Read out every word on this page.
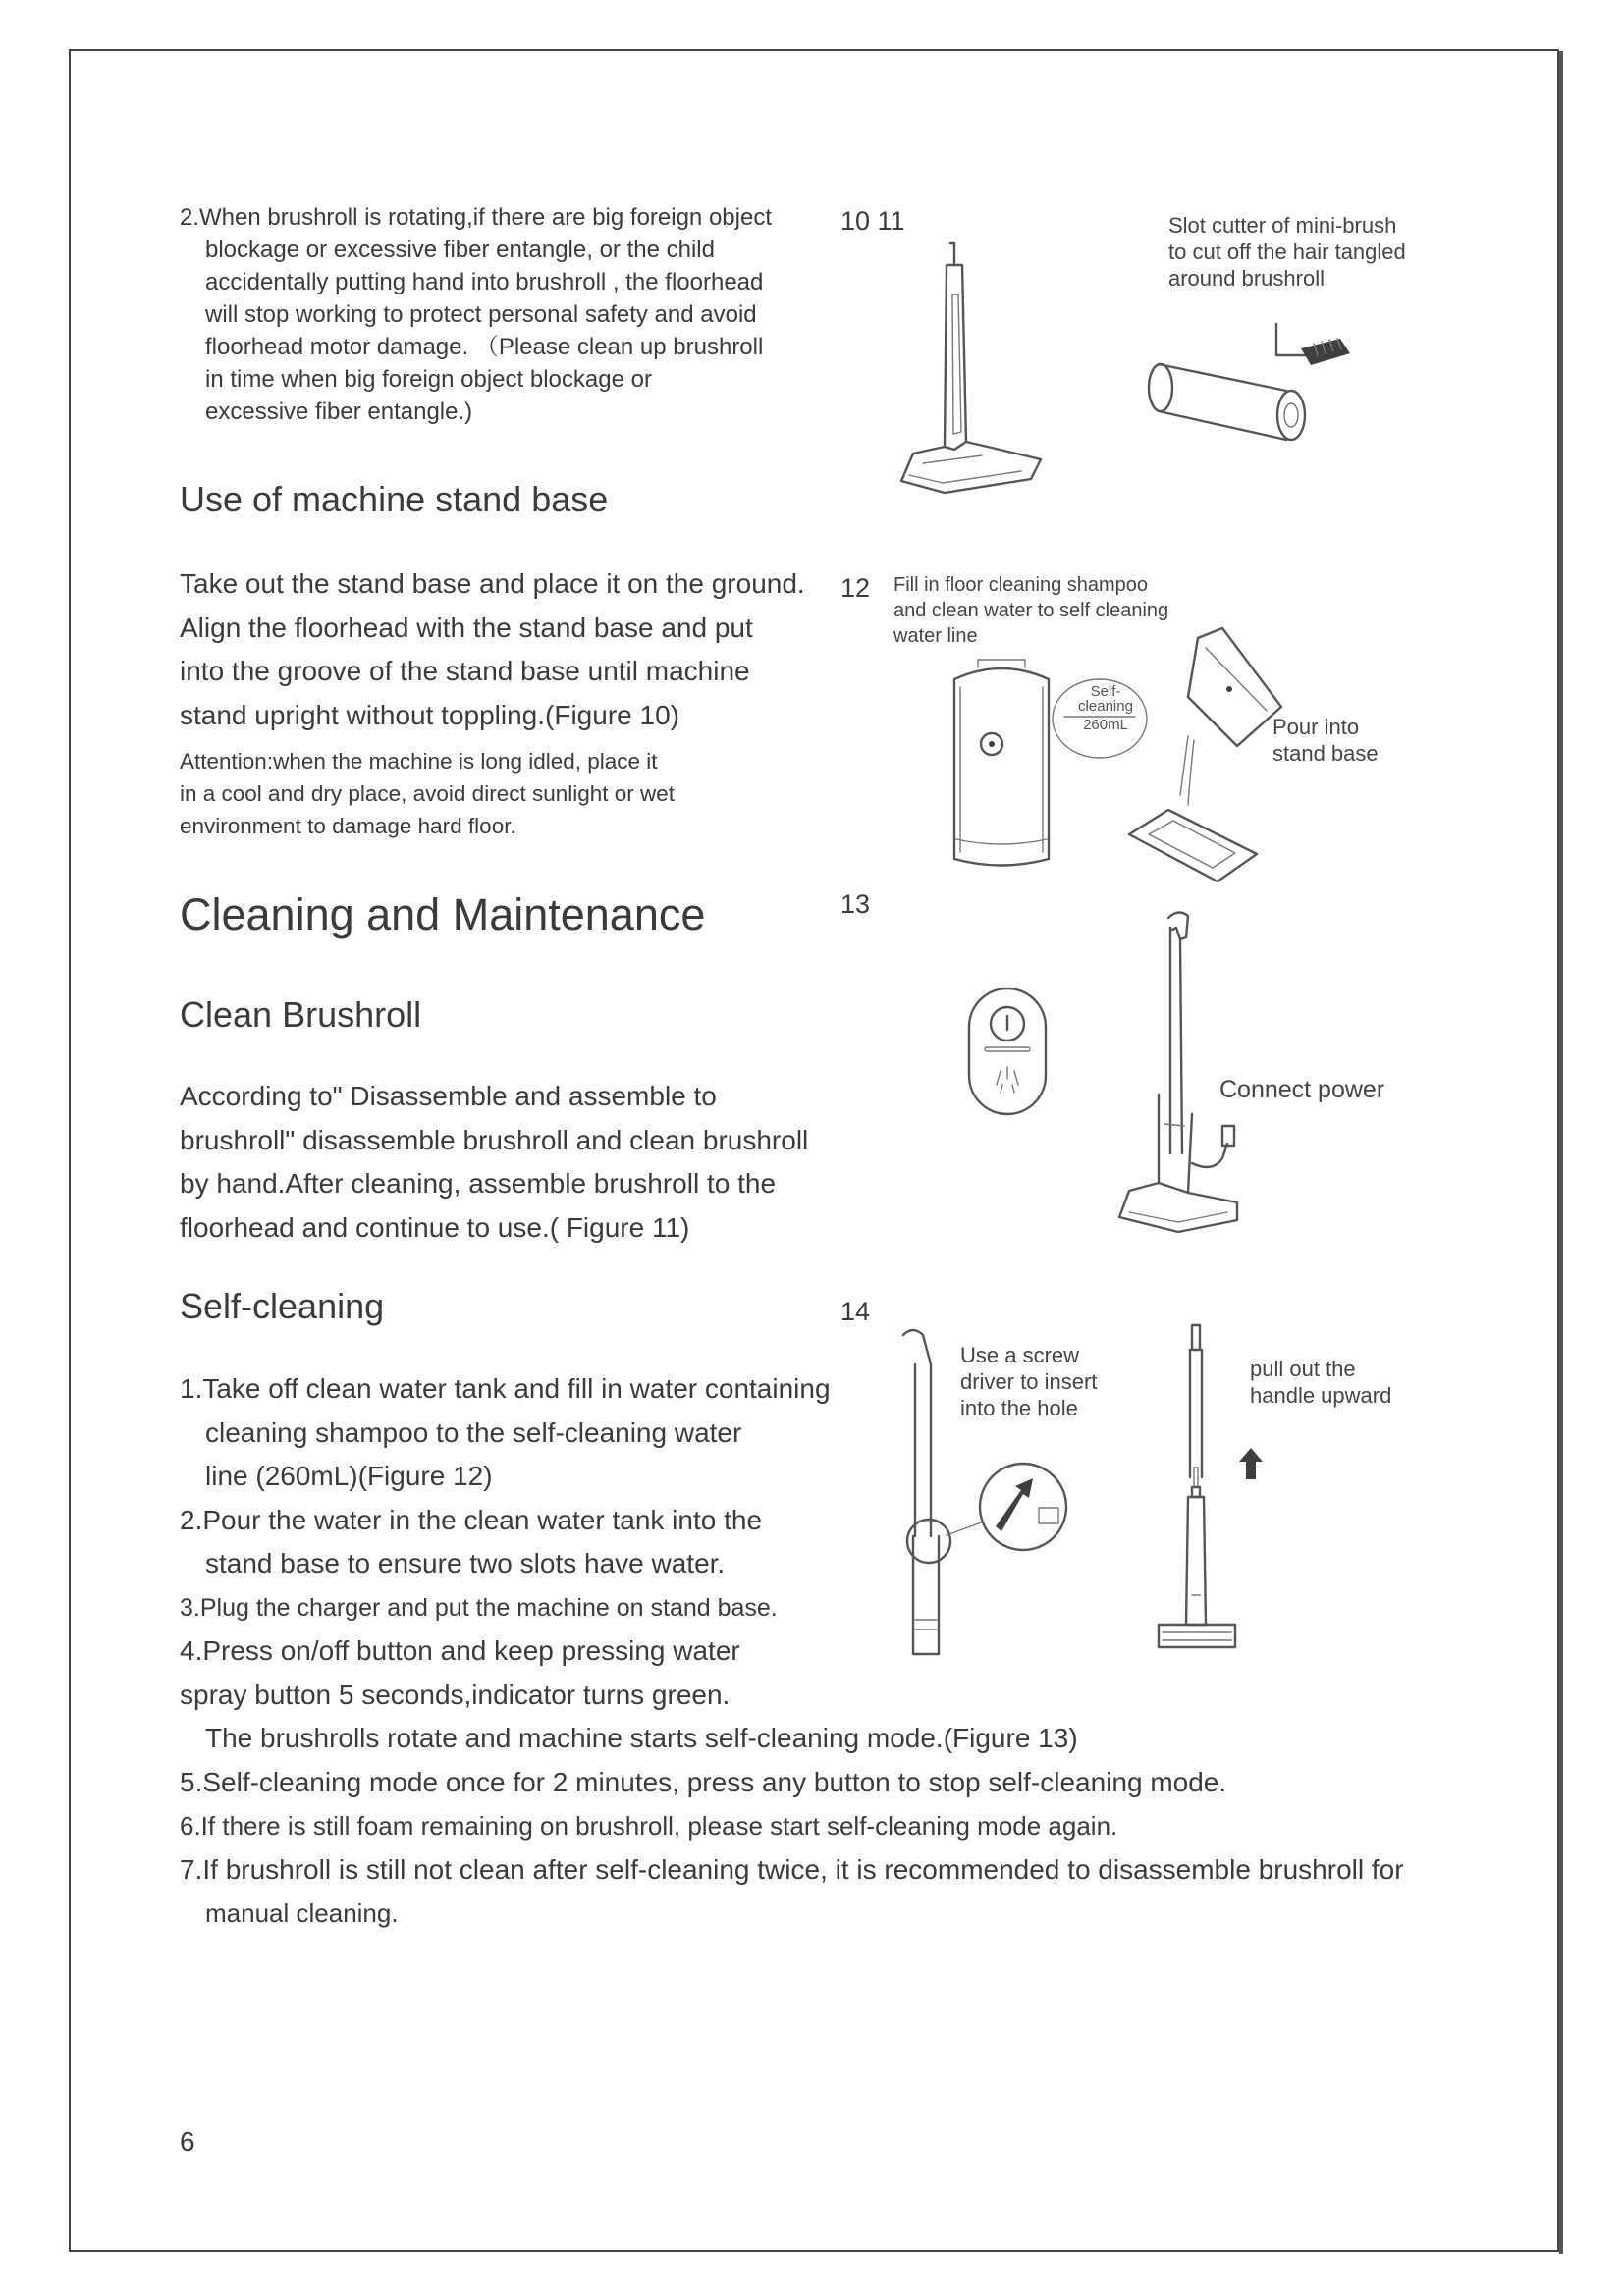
2.When brushroll is rotating,if there are big foreign object
blockage or excessive fiber entangle, or the child
accidentally putting hand into brushroll , the floorhead
will stop working to protect personal safety and avoid
floorhead motor damage. （Please clean up brushroll
in time when big foreign object blockage or
excessive fiber entangle.)
Use of machine stand base
Take out the stand base and place it on the ground.
Align the floorhead with the stand base and put
into the groove of the stand base until machine
stand upright without toppling.(Figure 10)
Attention:when the machine is long idled, place it
in a cool and dry place, avoid direct sunlight or wet
environment to damage hard floor.
Cleaning and Maintenance
Clean Brushroll
According to" Disassemble and assemble to
brushroll" disassemble brushroll and clean brushroll
by hand.After cleaning, assemble brushroll to the
floorhead and continue to use.( Figure 11)
Self-cleaning
1.Take off clean water tank and fill in water containing
cleaning shampoo to the self-cleaning water
line (260mL)(Figure 12)
2.Pour the water in the clean water tank into the
stand base to ensure two slots have water.
3.Plug the charger and put the machine on stand base.
4.Press on/off button and keep pressing water
spray button 5 seconds,indicator turns green.
The brushrolls rotate and machine starts self-cleaning mode.(Figure 13)
5.Self-cleaning mode once for 2 minutes, press any button to stop self-cleaning mode.
6.If there is still foam remaining on brushroll, please start self-cleaning mode again.
7.If brushroll is still not clean after self-cleaning twice, it is recommended to disassemble brushroll for
manual cleaning.
6
10 11	Slot cutter of mini-brush
to cut off the hair tangled
around brushroll
12 Fill in floor cleaning shampoo
and clean water to self cleaning
water line
Self-
cleaning
260mL	Pour into
stand base
13
Connect power
14
Use a screw
driver to insert
into the hole
pull out the
handle upward
